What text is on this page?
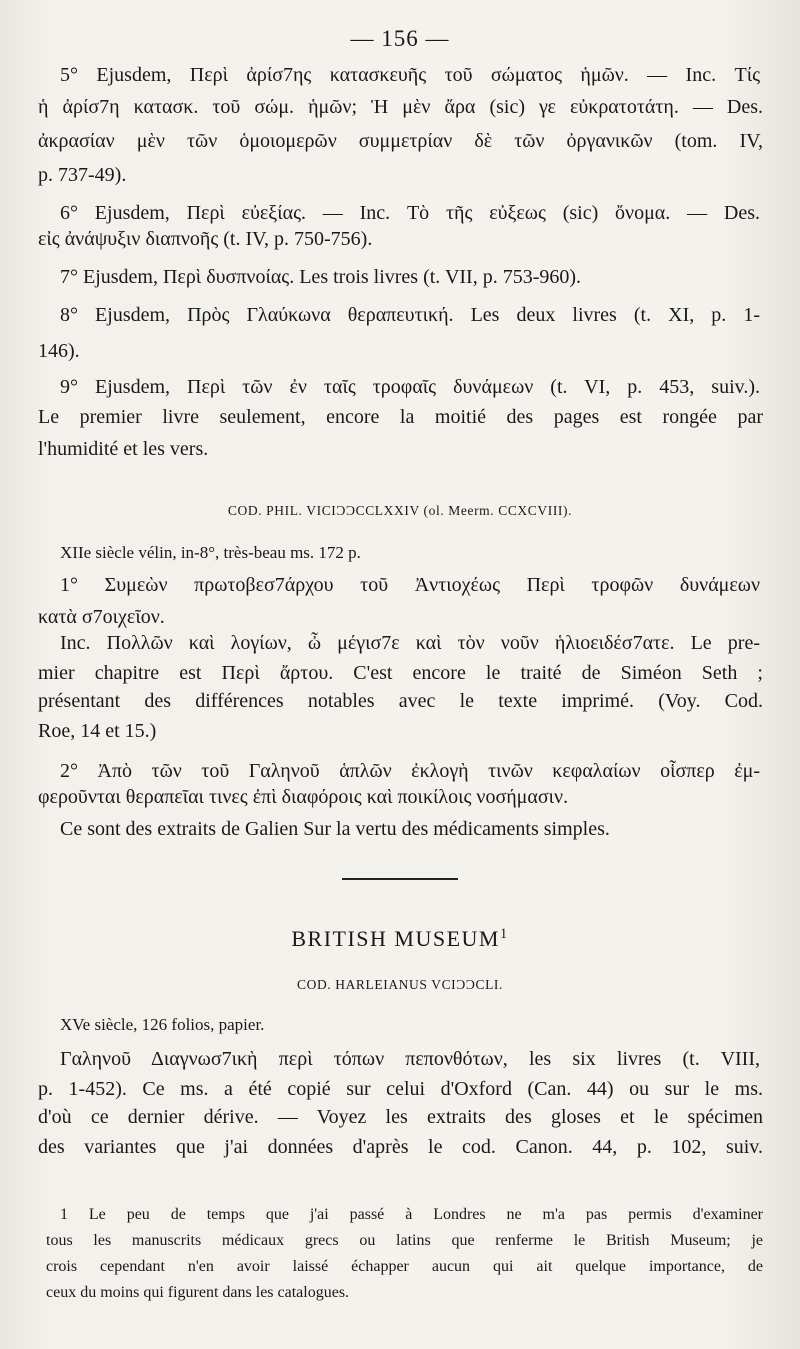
— 156 —
5° Ejusdem, Περὶ ἀρίσ7ης κατασκευῆς τοῦ σώματος ἡμῶν. — Inc. Τίς
ἡ ἀρίσ7η κατασκ. τοῦ σώμ. ἡμῶν; Ἡ μὲν ἄρα (sic) γε εὐκρατοτάτη. — Des.
ἀκρασίαν μὲν τῶν ὁμοιομερῶν συμμετρίαν δὲ τῶν ὀργανικῶν (tom. IV,
p. 737-49).
6° Ejusdem, Περὶ εὐεξίας. — Inc. Τὸ τῆς εὐξεως (sic) ὄνομα. — Des.
εἰς ἀνάψυξιν διαπνοῆς (t. IV, p. 750-756).
7° Ejusdem, Περὶ δυσπνοίας. Les trois livres (t. VII, p. 753-960).
8° Ejusdem, Πρὸς Γλαύκωνα θεραπευτική. Les deux livres (t. XI, p. 1-
146).
9° Ejusdem, Περὶ τῶν ἐν ταῖς τροφαῖς δυνάμεων (t. VI, p. 453, suiv.).
Le premier livre seulement, encore la moitié des pages est rongée par
l'humidité et les vers.
COD. PHIL. VICIƆƆCCLXXIV (ol. Meerm. CCXCVIII).
XIIe siècle vélin, in-8°, très-beau ms. 172 p.
1° Συμεὼν πρωτοβεσ7άρχου τοῦ Ἀντιοχέως Περὶ τροφῶν δυνάμεων
κατὰ σ7οιχεῖον.
Inc. Πολλῶν καὶ λογίων, ὦ μέγισ7ε καὶ τὸν νοῦν ἡλιοειδέσ7ατε. Le pre-
mier chapitre est Περὶ ἄρτου. C'est encore le traité de Siméon Seth ;
présentant des différences notables avec le texte imprimé. (Voy. Cod.
Roe, 14 et 15.)
2° Ἀπὸ τῶν τοῦ Γαληνοῦ ἁπλῶν ἐκλογὴ τινῶν κεφαλαίων οἷσπερ ἐμ-
φεροῦνται θεραπεῖαι τινες ἐπὶ διαφόροις καὶ ποικίλοις νοσήμασιν.
Ce sont des extraits de Galien Sur la vertu des médicaments simples.
BRITISH MUSEUM$^1$
COD. HARLEIANUS VCIƆƆCLI.
XVe siècle, 126 folios, papier.
Γαληνοῦ Διαγνωσ7ικὴ περὶ τόπων πεπονθότων, les six livres (t. VIII,
p. 1-452). Ce ms. a été copié sur celui d'Oxford (Can. 44) ou sur le ms.
d'où ce dernier dérive. — Voyez les extraits des gloses et le spécimen
des variantes que j'ai données d'après le cod. Canon. 44, p. 102, suiv.
1 Le peu de temps que j'ai passé à Londres ne m'a pas permis d'examiner
tous les manuscrits médicaux grecs ou latins que renferme le British Museum; je
crois cependant n'en avoir laissé échapper aucun qui ait quelque importance, de
ceux du moins qui figurent dans les catalogues.
